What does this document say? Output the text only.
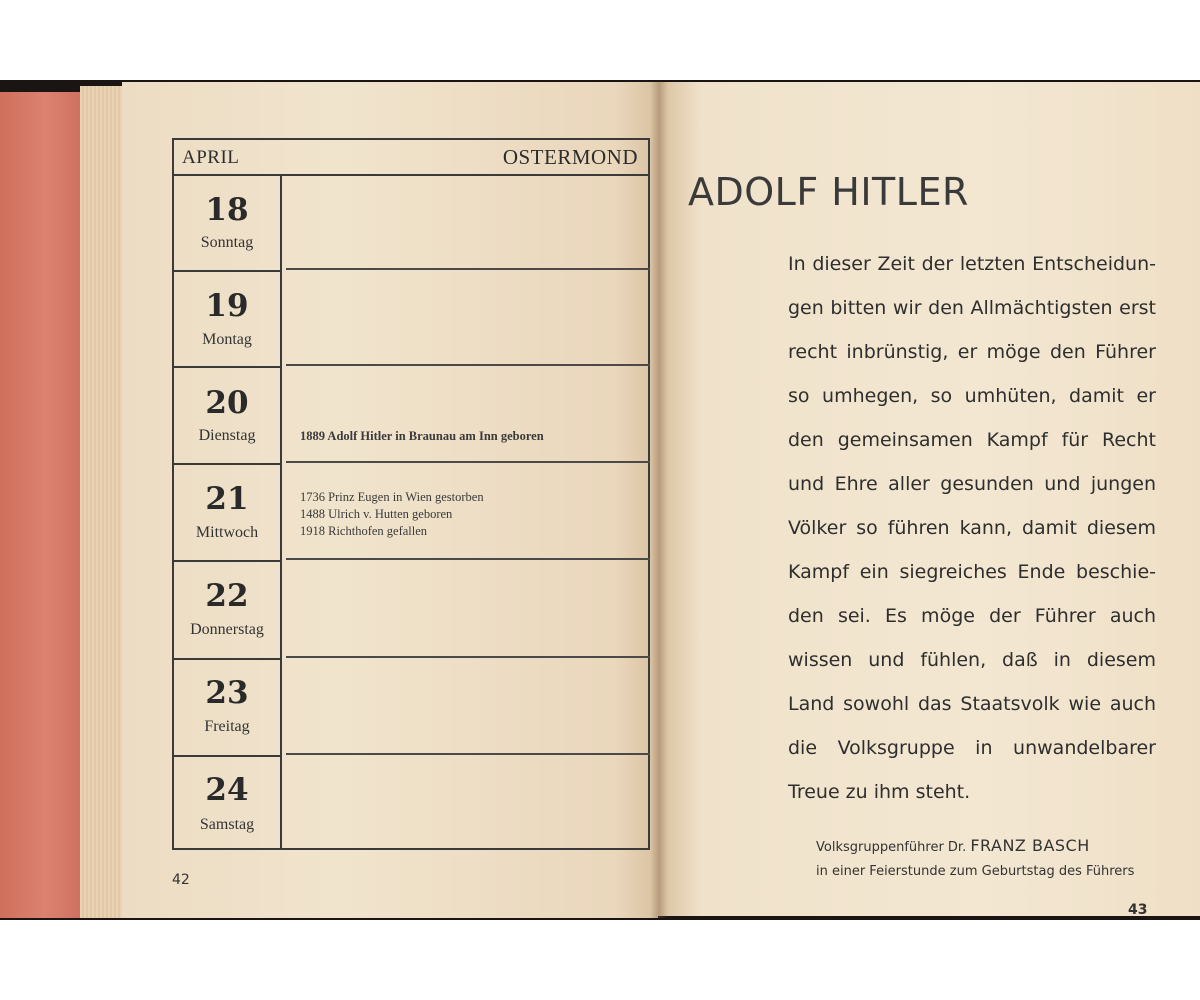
APRIL	OSTERMOND
18
Sonntag
19
Montag
20
Dienstag	1889 Adolf Hitler in Braunau am Inn geboren
21
Mittwoch
1736 Prinz Eugen in Wien gestorben
1488 Ulrich v. Hutten geboren
1918 Richthofen gefallen
22
Donnerstag
23
Freitag
24
Samstag
42
ADOLF HITLER
In dieser Zeit der letzten Entscheidun-
gen bitten wir den Allmächtigsten erst
recht inbrünstig, er möge den Führer
so umhegen, so umhüten, damit er
den gemeinsamen Kampf für Recht
und Ehre aller gesunden und jungen
Völker so führen kann, damit diesem
Kampf ein siegreiches Ende beschie-
den sei. Es möge der Führer auch
wissen und fühlen, daß in diesem
Land sowohl das Staatsvolk wie auch
die Volksgruppe in unwandelbarer
Treue zu ihm steht.
Volksgruppenführer Dr. FRANZ BASCH
in einer Feierstunde zum Geburtstag des Führers
43
